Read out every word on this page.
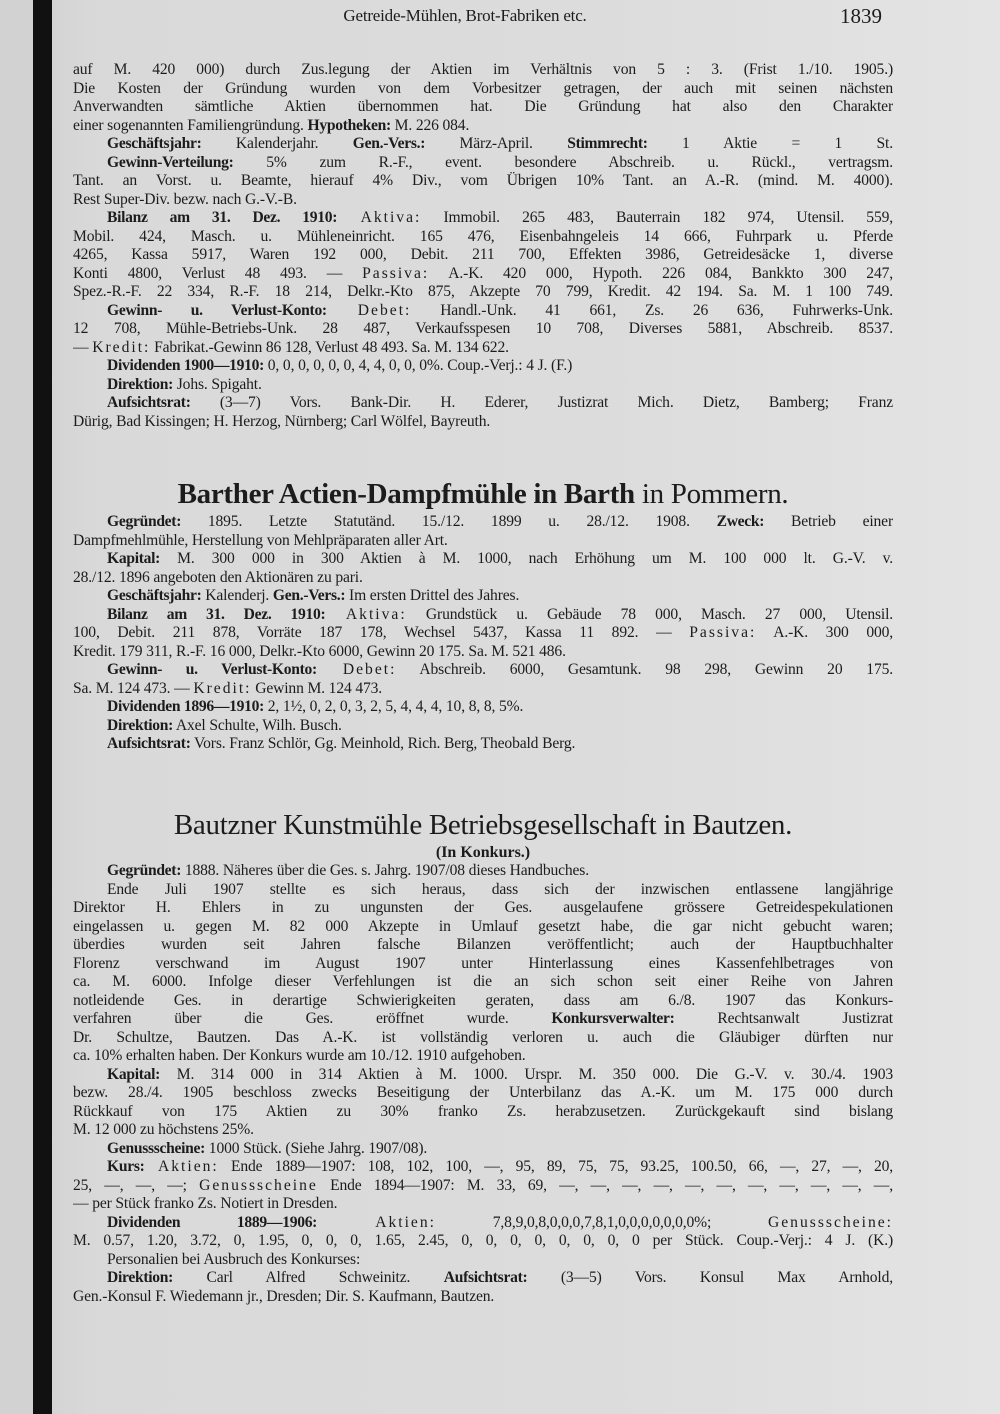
Getreide-Mühlen, Brot-Fabriken etc.	1839
auf M. 420 000) durch Zus.legung der Aktien im Verhältnis von 5 : 3. (Frist 1./10. 1905.)
Die Kosten der Gründung wurden von dem Vorbesitzer getragen, der auch mit seinen nächsten
Anverwandten sämtliche Aktien übernommen hat. Die Gründung hat also den Charakter
einer sogenannten Familiengründung. Hypotheken: M. 226 084.
Geschäftsjahr: Kalenderjahr. Gen.-Vers.: März-April. Stimmrecht: 1 Aktie = 1 St.
Gewinn-Verteilung: 5% zum R.-F., event. besondere Abschreib. u. Rückl., vertragsm.
Tant. an Vorst. u. Beamte, hierauf 4% Div., vom Übrigen 10% Tant. an A.-R. (mind. M. 4000).
Rest Super-Div. bezw. nach G.-V.-B.
Bilanz am 31. Dez. 1910: Aktiva: Immobil. 265 483, Bauterrain 182 974, Utensil. 559,
Mobil. 424, Masch. u. Mühleneinricht. 165 476, Eisenbahngeleis 14 666, Fuhrpark u. Pferde
4265, Kassa 5917, Waren 192 000, Debit. 211 700, Effekten 3986, Getreidesäcke 1, diverse
Konti 4800, Verlust 48 493. — Passiva: A.-K. 420 000, Hypoth. 226 084, Bankkto 300 247,
Spez.-R.-F. 22 334, R.-F. 18 214, Delkr.-Kto 875, Akzepte 70 799, Kredit. 42 194. Sa. M. 1 100 749.
Gewinn- u. Verlust-Konto: Debet: Handl.-Unk. 41 661, Zs. 26 636, Fuhrwerks-Unk.
12 708, Mühle-Betriebs-Unk. 28 487, Verkaufsspesen 10 708, Diverses 5881, Abschreib. 8537.
— Kredit: Fabrikat.-Gewinn 86 128, Verlust 48 493. Sa. M. 134 622.
Dividenden 1900—1910: 0, 0, 0, 0, 0, 0, 4, 4, 0, 0, 0%. Coup.-Verj.: 4 J. (F.)
Direktion: Johs. Spigaht.
Aufsichtsrat: (3—7) Vors. Bank-Dir. H. Ederer, Justizrat Mich. Dietz, Bamberg; Franz
Dürig, Bad Kissingen; H. Herzog, Nürnberg; Carl Wölfel, Bayreuth.
Barther Actien-Dampfmühle in Barth in Pommern.
Gegründet: 1895. Letzte Statutänd. 15./12. 1899 u. 28./12. 1908. Zweck: Betrieb einer
Dampfmehlmühle, Herstellung von Mehlpräparaten aller Art.
Kapital: M. 300 000 in 300 Aktien à M. 1000, nach Erhöhung um M. 100 000 lt. G.-V. v.
28./12. 1896 angeboten den Aktionären zu pari.
Geschäftsjahr: Kalenderj. Gen.-Vers.: Im ersten Drittel des Jahres.
Bilanz am 31. Dez. 1910: Aktiva: Grundstück u. Gebäude 78 000, Masch. 27 000, Utensil.
100, Debit. 211 878, Vorräte 187 178, Wechsel 5437, Kassa 11 892. — Passiva: A.-K. 300 000,
Kredit. 179 311, R.-F. 16 000, Delkr.-Kto 6000, Gewinn 20 175. Sa. M. 521 486.
Gewinn- u. Verlust-Konto: Debet: Abschreib. 6000, Gesamtunk. 98 298, Gewinn 20 175.
Sa. M. 124 473. — Kredit: Gewinn M. 124 473.
Dividenden 1896—1910: 2, 1½, 0, 2, 0, 3, 2, 5, 4, 4, 4, 10, 8, 8, 5%.
Direktion: Axel Schulte, Wilh. Busch.
Aufsichtsrat: Vors. Franz Schlör, Gg. Meinhold, Rich. Berg, Theobald Berg.
Bautzner Kunstmühle Betriebsgesellschaft in Bautzen.
(In Konkurs.)
Gegründet: 1888. Näheres über die Ges. s. Jahrg. 1907/08 dieses Handbuches.
Ende Juli 1907 stellte es sich heraus, dass sich der inzwischen entlassene langjährige
Direktor H. Ehlers in zu ungunsten der Ges. ausgelaufene grössere Getreidespekulationen
eingelassen u. gegen M. 82 000 Akzepte in Umlauf gesetzt habe, die gar nicht gebucht waren;
überdies wurden seit Jahren falsche Bilanzen veröffentlicht; auch der Hauptbuchhalter
Florenz verschwand im August 1907 unter Hinterlassung eines Kassenfehlbetrages von
ca. M. 6000. Infolge dieser Verfehlungen ist die an sich schon seit einer Reihe von Jahren
notleidende Ges. in derartige Schwierigkeiten geraten, dass am 6./8. 1907 das Konkurs-
verfahren über die Ges. eröffnet wurde. Konkursverwalter: Rechtsanwalt Justizrat
Dr. Schultze, Bautzen. Das A.-K. ist vollständig verloren u. auch die Gläubiger dürften nur
ca. 10% erhalten haben. Der Konkurs wurde am 10./12. 1910 aufgehoben.
Kapital: M. 314 000 in 314 Aktien à M. 1000. Urspr. M. 350 000. Die G.-V. v. 30./4. 1903
bezw. 28./4. 1905 beschloss zwecks Beseitigung der Unterbilanz das A.-K. um M. 175 000 durch
Rückkauf von 175 Aktien zu 30% franko Zs. herabzusetzen. Zurückgekauft sind bislang
M. 12 000 zu höchstens 25%.
Genussscheine: 1000 Stück. (Siehe Jahrg. 1907/08).
Kurs: Aktien: Ende 1889—1907: 108, 102, 100, —, 95, 89, 75, 75, 93.25, 100.50, 66, —, 27, —, 20,
25, —, —, —; Genussscheine Ende 1894—1907: M. 33, 69, —, —, —, —, —, —, —, —, —, —, —,
— per Stück franko Zs. Notiert in Dresden.
Dividenden 1889—1906: Aktien: 7,8,9,0,8,0,0,0,7,8,1,0,0,0,0,0,0,0%; Genussscheine:
M. 0.57, 1.20, 3.72, 0, 1.95, 0, 0, 0, 1.65, 2.45, 0, 0, 0, 0, 0, 0, 0, 0 per Stück. Coup.-Verj.: 4 J. (K.)
Personalien bei Ausbruch des Konkurses:
Direktion: Carl Alfred Schweinitz. Aufsichtsrat: (3—5) Vors. Konsul Max Arnhold,
Gen.-Konsul F. Wiedemann jr., Dresden; Dir. S. Kaufmann, Bautzen.
